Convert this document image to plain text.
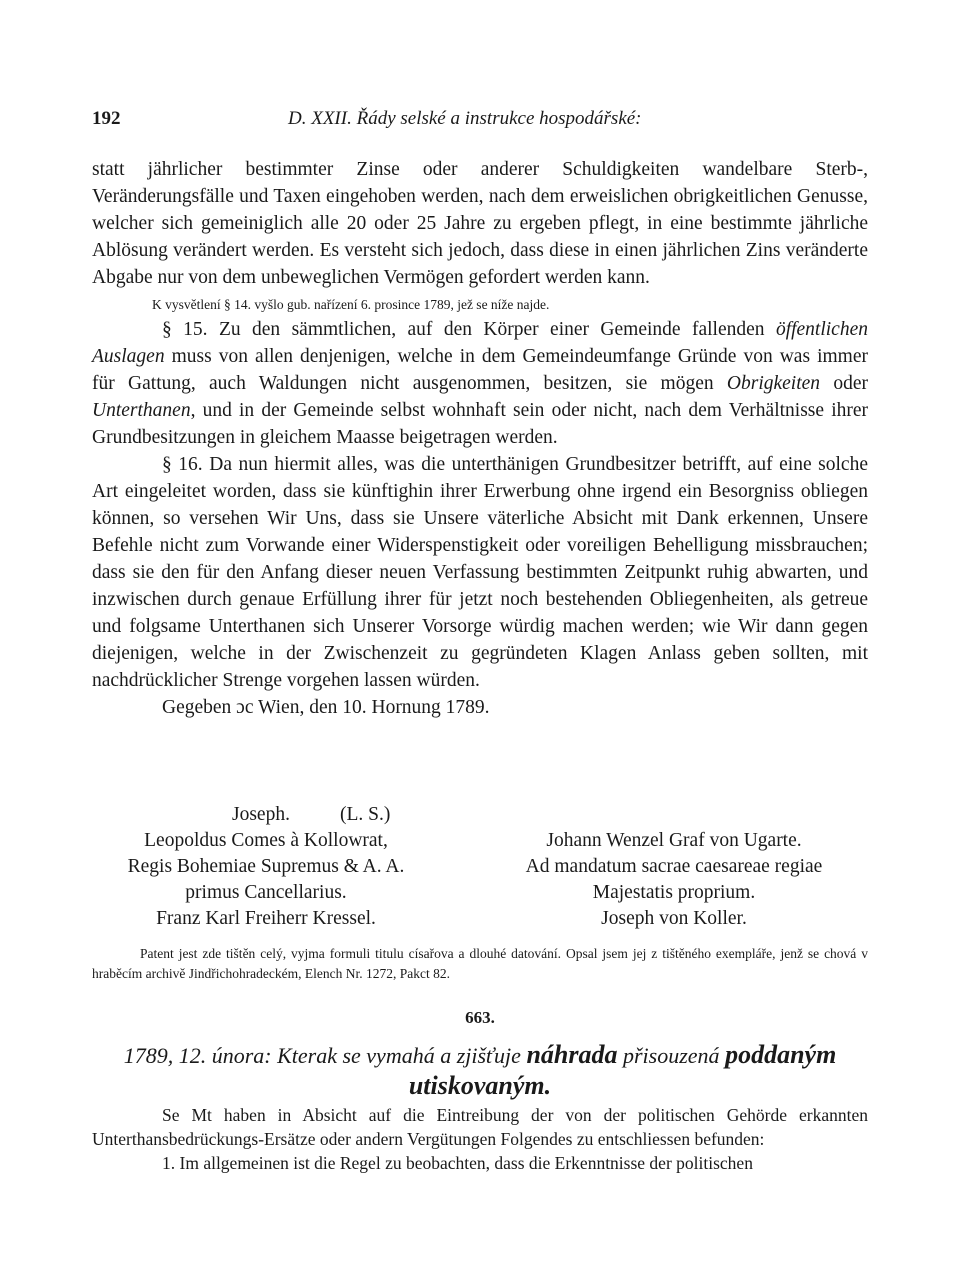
192	D. XXII. Řády selské a instrukce hospodářské:

statt jährlicher bestimmter Zinse oder anderer Schuldigkeiten wandelbare Sterb-, Veränderungsfälle und Taxen eingehoben werden, nach dem erweislichen obrigkeitlichen Genusse, welcher sich gemeiniglich alle 20 oder 25 Jahre zu ergeben pflegt, in eine bestimmte jährliche Ablösung verändert werden. Es versteht sich jedoch, dass diese in einen jährlichen Zins veränderte Abgabe nur von dem unbeweglichen Vermögen gefordert werden kann.

K vysvětlení § 14. vyšlo gub. nařízení 6. prosince 1789, jež se níže najde.

§ 15. Zu den sämmtlichen, auf den Körper einer Gemeinde fallenden öffentlichen Auslagen muss von allen denjenigen, welche in dem Gemeindeumfange Gründe von was immer für Gattung, auch Waldungen nicht ausgenommen, besitzen, sie mögen Obrigkeiten oder Unterthanen, und in der Gemeinde selbst wohnhaft sein oder nicht, nach dem Verhältnisse ihrer Grundbesitzungen in gleichem Maasse beigetragen werden.

§ 16. Da nun hiermit alles, was die unterthänigen Grundbesitzer betrifft, auf eine solche Art eingeleitet worden, dass sie künftighin ihrer Erwerbung ohne irgend ein Besorgniss obliegen können, so versehen Wir Uns, dass sie Unsere väterliche Absicht mit Dank erkennen, Unsere Befehle nicht zum Vorwande einer Widerspenstigkeit oder voreiligen Behelligung missbrauchen; dass sie den für den Anfang dieser neuen Verfassung bestimmten Zeitpunkt ruhig abwarten, und inzwischen durch genaue Erfüllung ihrer für jetzt noch bestehenden Obliegenheiten, als getreue und folgsame Unterthanen sich Unserer Vorsorge würdig machen werden; wie Wir dann gegen diejenigen, welche in der Zwischenzeit zu gegründeten Klagen Anlass geben sollten, mit nachdrücklicher Strenge vorgehen lassen würden.

Gegeben ɔc Wien, den 10. Hornung 1789.

Joseph.	(L. S.)
Leopoldus Comes à Kollowrat,
Regis Bohemiae Supremus & A. A.
primus Cancellarius.
Franz Karl Freiherr Kressel.
Johann Wenzel Graf von Ugarte.
Ad mandatum sacrae caesareae regiae
Majestatis proprium.
Joseph von Koller.
Patent jest zde tištěn celý, vyjma formuli titulu císařova a dlouhé datování. Opsal jsem jej z tištěného exempláře, jenž se chová v hraběcím archivě Jindřichohradeckém, Elench Nr. 1272, Pakct 82.
663.
1789, 12. února: Kterak se vymahá a zjišťuje náhrada přisouzená poddaným utiskovaným.

Se Mt haben in Absicht auf die Eintreibung der von der politischen Gehörde erkannten Unterthansbedrückungs-Ersätze oder andern Vergütungen Folgendes zu entschliessen befunden:

1. Im allgemeinen ist die Regel zu beobachten, dass die Erkenntnisse der politischen
